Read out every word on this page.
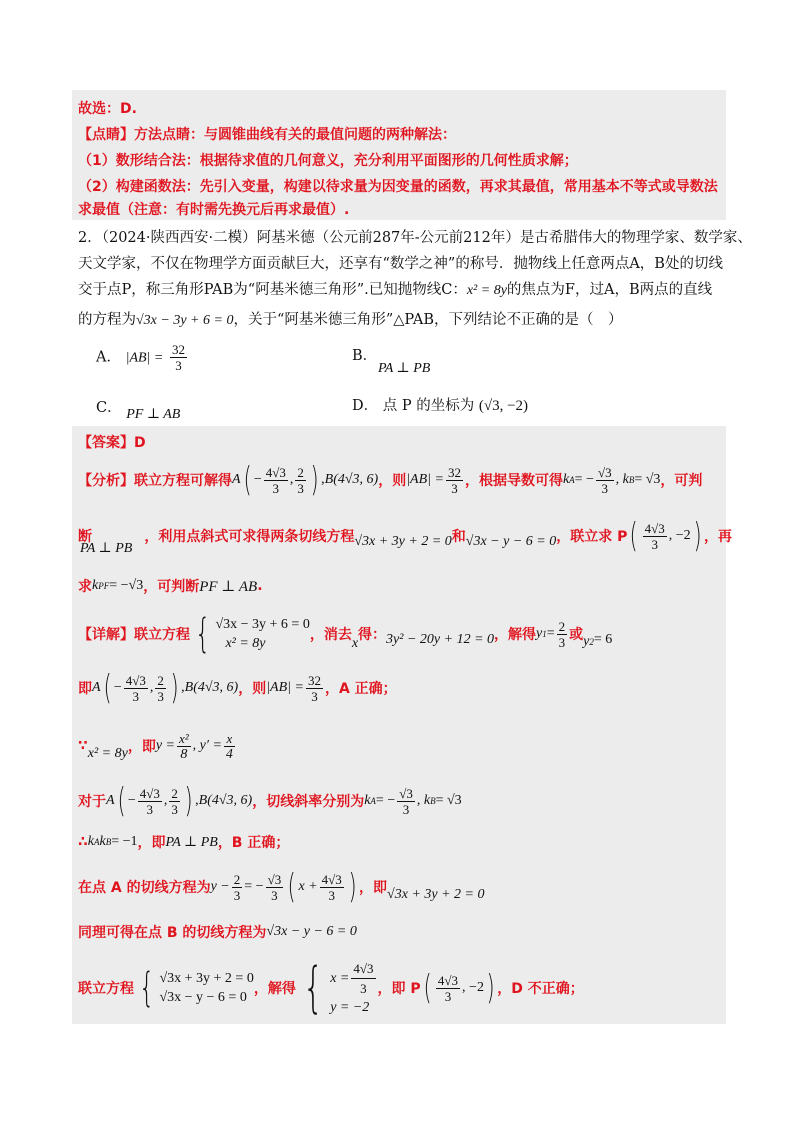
故选：D.
【点睛】方法点睛：与圆锥曲线有关的最值问题的两种解法：
（1）数形结合法：根据待求值的几何意义，充分利用平面图形的几何性质求解；
（2）构建函数法：先引入变量，构建以待求量为因变量的函数，再求其最值，常用基本不等式或导数法
求最值（注意：有时需先换元后再求最值）.
2．（2024·陕西西安·二模）阿基米德（公元前287年-公元前212年）是古希腊伟大的物理学家、数学家、
天文学家，不仅在物理学方面贡献巨大，还享有“数学之神”的称号．抛物线上任意两点A，B处的切线
交于点P，称三角形PAB为“阿基米德三角形”.已知抛物线C：x² = 8y的焦点为F，过A，B两点的直线
的方程为√3x − 3y + 6 = 0，关于“阿基米德三角形”△PAB，下列结论不正确的是（　）
A． $|AB| = \frac{32}{3}$	B．
PA ⊥ PB
C． PF ⊥ AB
D． 点 P 的坐标为 (√3, −2)
【答案】D
【分析】联立方程可解得 A ( − $\frac{4√3}{3}$ , $\frac{2}{3}$ ) , B(4√3, 6) ，则 $|AB| = \frac{32}{3}$ ，根据导数可得 k A = − $\frac{√3}{3}$ , k B = √3 ，可判
断
PA ⊥ PB
，利用点斜式可求得两条切线方程 √3x + 3y + 2 = 0 和 √3x − y − 6 = 0 ，联立求 P ( $\frac{4√3}{3}$ , −2 ) ，再
求 k PF = −√3 ，可判断 PF ⊥ AB .
【详解】联立方程 { √3x − 3y + 6 = 0
x² = 8y
，消去
x
得： 3y² − 20y + 12 = 0 ，解得 y $1 = \frac{2}{3}$ 或 $y_2 = 6$
即 A ( − $\frac{4√3}{3}$ , $\frac{2}{3}$ ) , B(4√3, 6) ，则 $|AB| = \frac{32}{3}$ ，A 正确；
∵ x² = 8y ，即 $y = \frac{\text{x²}}{8}$ , $y' = \frac{x}{4}$
对于 A ( − $\frac{4√3}{3}$ , $\frac{2}{3}$ ) , B(4√3, 6) ，切线斜率分别为 k A = − $\frac{√3}{3}$ , k B = √3
∴ k A k B = −1 ，即 PA ⊥ PB ，B 正确；
在点 A 的切线方程为 $y - \frac{2}{3}$ = − $\frac{√3}{3}$ ( $x + \frac{4√3}{3}$ ) ，即 √3x + 3y + 2 = 0
同理可得在点 B 的切线方程为 √3x − y − 6 = 0
联立方程 { √3x + 3y + 2 = 0
√3x − y − 6 = 0
，解得 { $x = \frac{4√3}{3}$
y = −2
，即 P ( $\frac{4√3}{3}$ , −2 ) ，D 不正确；
